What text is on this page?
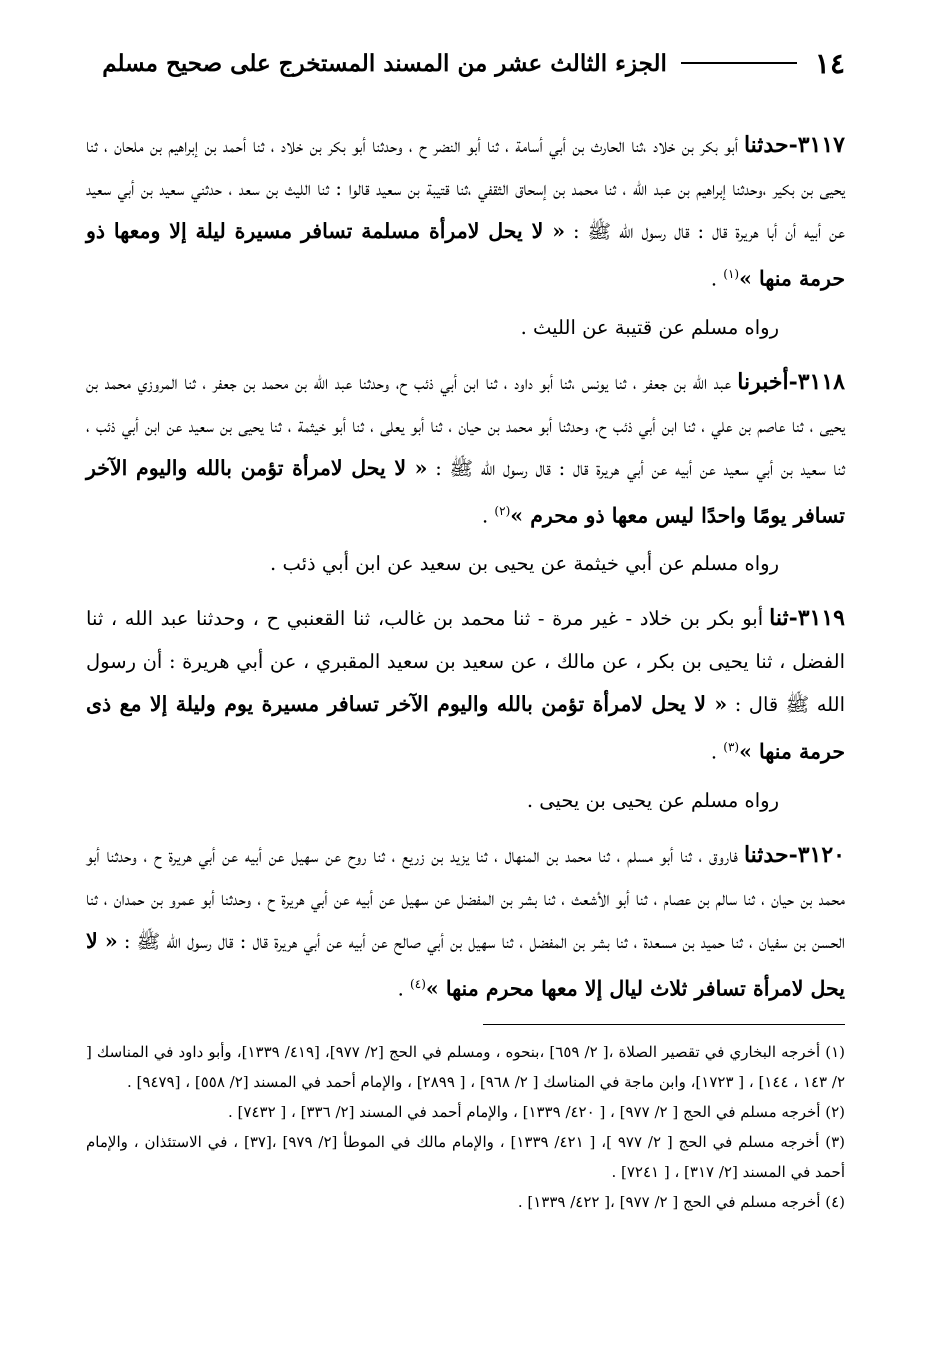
١٤
الجزء الثالث عشر من المسند المستخرج على صحيح مسلم
٣١١٧-حدثناأبو بكر بن خلاد ،ثنا الحارث بن أبي أسامة ، ثنا أبو النضر ح ، وحدثنا أبو بكر بن خلاد ، ثنا أحمد بن إبراهيم بن ملحان ، ثنا يحيى بن بكير ،وحدثنا إبراهيم بن عبد الله ، ثنا محمد بن إسحاق الثقفي ،ثنا قتيبة بن سعيد قالوا : ثنا الليث بن سعد ، حدثني سعيد بن أبي سعيد عن أبيه أن أبا هريرة قال : قال رسول الله ﷺ : « لا يحل لامرأة مسلمة تسافر مسيرة ليلة إلا ومعها ذو حرمة منها »$^{(١)}$ .
رواه مسلم عن قتيبة عن الليث .
٣١١٨-أخبرناعبد الله بن جعفر ، ثنا يونس ،ثنا أبو داود ، ثنا ابن أبي ذئب ح، وحدثنا عبد الله بن محمد بن جعفر ، ثنا المروزي محمد بن يحيى ، ثنا عاصم بن علي ، ثنا ابن أبي ذئب ح، وحدثنا أبو محمد بن حيان ، ثنا أبو يعلى ، ثنا أبو خيثمة ، ثنا يحيى بن سعيد عن ابن أبي ذئب ، ثنا سعيد بن أبي سعيد عن أبيه عن أبي هريرة قال : قال رسول الله ﷺ : « لا يحل لامرأة تؤمن بالله واليوم الآخر تسافر يومًا واحدًا ليس معها ذو محرم »$^{(٢)}$ .
رواه مسلم عن أبي خيثمة عن يحيى بن سعيد عن ابن أبي ذئب .
٣١١٩-ثناأبو بكر بن خلاد - غير مرة - ثنا محمد بن غالب، ثنا القعنبي ح ، وحدثنا عبد الله ، ثنا الفضل ، ثنا يحيى بن بكر ، عن مالك ، عن سعيد بن سعيد المقبري ، عن أبي هريرة : أن رسول الله ﷺ قال : « لا يحل لامرأة تؤمن بالله واليوم الآخر تسافر مسيرة يوم وليلة إلا مع ذى حرمة منها »$^{(٣)}$ .
رواه مسلم عن يحيى بن يحيى .
٣١٢٠-حدثنافاروق ، ثنا أبو مسلم ، ثنا محمد بن المنهال ، ثنا يزيد بن زريع ، ثنا روح عن سهيل عن أبيه عن أبي هريرة ح ، وحدثنا أبو محمد بن حيان ، ثنا سالم بن عصام ، ثنا أبو الأشعث ، ثنا بشر بن المفضل عن سهيل عن أبيه عن أبي هريرة ح ، وحدثنا أبو عمرو بن حمدان ، ثنا الحسن بن سفيان ، ثنا حميد بن مسعدة ، ثنا بشر بن المفضل ، ثنا سهيل بن أبي صالح عن أبيه عن أبي هريرة قال : قال رسول الله ﷺ : « لا يحل لامرأة تسافر ثلاث ليال إلا معها محرم منها »$^{(٤)}$ .
(١) أخرجه البخاري في تقصير الصلاة ،[ ٢/ ٦٥٩] ،بنحوه ، ومسلم في الحج [٢/ ٩٧٧]، [٤١٩/ ١٣٣٩]، وأبو داود في المناسك [ ٢/ ١٤٣ ، ١٤٤] ، [ ١٧٢٣]، وابن ماجة في المناسك [ ٢/ ٩٦٨] ، [ ٢٨٩٩] ، والإمام أحمد في المسند [٢/ ٥٥٨] ، [٩٤٧٩] .
(٢) أخرجه مسلم في الحج [ ٢/ ٩٧٧] ، [ ٤٢٠/ ١٣٣٩] ، والإمام أحمد في المسند [٢/ ٣٣٦] ، [ ٧٤٣٢] .
(٣) أخرجه مسلم في الحج [ ٢/ ٩٧٧ ]، [ ٤٢١/ ١٣٣٩] ، والإمام مالك في الموطأ [٢/ ٩٧٩] ،[٣٧] ، في الاستئذان ، والإمام أحمد في المسند [٢/ ٣١٧] ، [ ٧٢٤١] .
(٤) أخرجه مسلم في الحج [ ٢/ ٩٧٧] ،[ ٤٢٢/ ١٣٣٩] .
